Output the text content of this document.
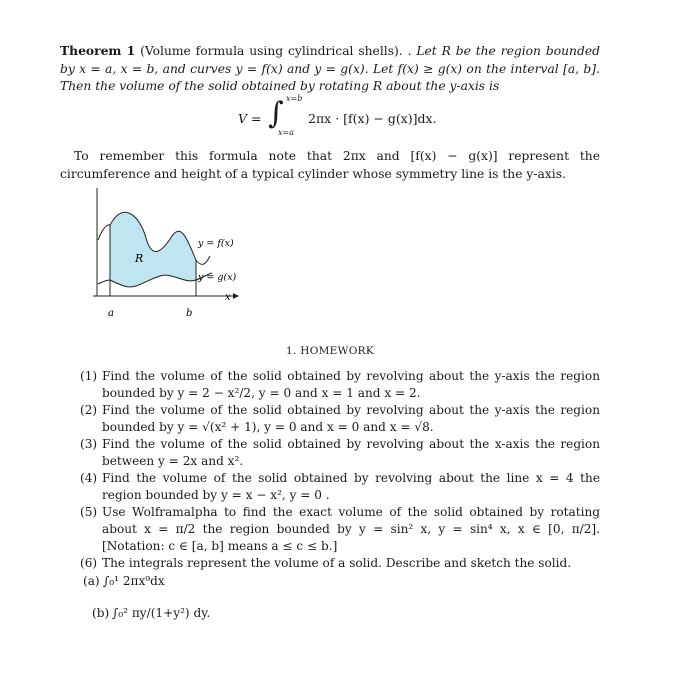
Theorem 1 (Volume formula using cylindrical shells). . Let R be the region bounded by x = a, x = b, and curves y = f(x) and y = g(x). Let f(x) ≥ g(x) on the interval [a, b]. Then the volume of the solid obtained by rotating R about the y-axis is
V = ∫ x=b
x=a
2πx · [f(x) − g(x)]dx.
To remember this formula note that 2πx and [f(x) − g(x)] represent the circumference and height of a typical cylinder whose symmetry line is the y-axis.
R
y = f(x)
y = g(x)
x
a	b
1. HOMEWORK
(1) Find the volume of the solid obtained by revolving about the y-axis the region bounded by y = 2 − x²/2, y = 0 and x = 1 and x = 2.
(2) Find the volume of the solid obtained by revolving about the y-axis the region bounded by y = √(x² + 1), y = 0 and x = 0 and x = √8.
(3) Find the volume of the solid obtained by revolving about the x-axis the region between y = 2x and x².
(4) Find the volume of the solid obtained by revolving about the line x = 4 the region bounded by y = x − x², y = 0 .
(5) Use Wolframalpha to find the exact volume of the solid obtained by rotating about x = π/2 the region bounded by y = sin² x, y = sin⁴ x, x ∈ [0, π/2]. [Notation: c ∈ [a, b] means a ≤ c ≤ b.]
(6) The integrals represent the volume of a solid. Describe and sketch the solid.
(a) ∫₀¹ 2πx⁹dx
(b) ∫₀² πy/(1+y²) dy.
